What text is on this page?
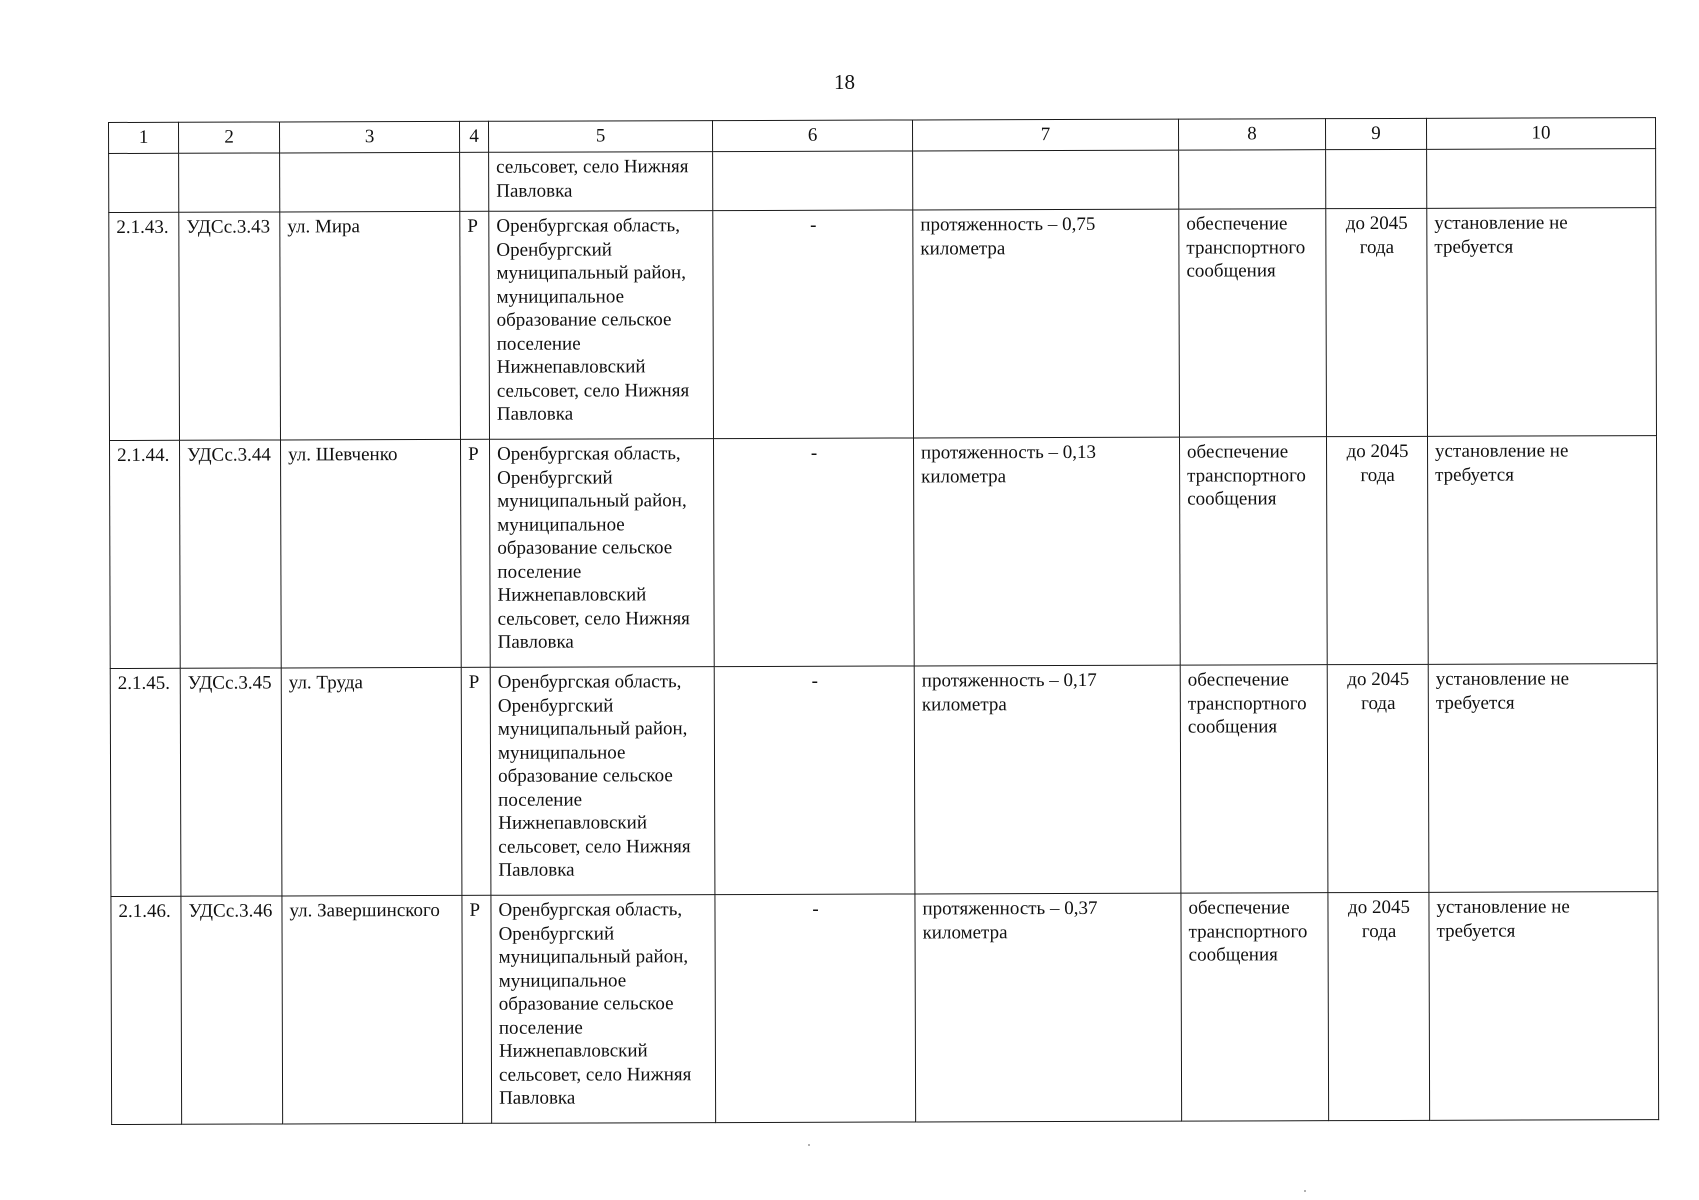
18
1	2	3	4	5	6	7	8	9	10
				сельсовет, село Нижняя Павловка					
2.1.43.	УДСс.3.43	ул. Мира	Р	Оренбургская область, Оренбургский муниципальный район, муниципальное образование сельское поселение Нижнепавловский сельсовет, село Нижняя Павловка	-	протяженность – 0,75 километра	обеспечение транспортного сообщения	до 2045 года	установление не требуется
2.1.44.	УДСс.3.44	ул. Шевченко	Р	Оренбургская область, Оренбургский муниципальный район, муниципальное образование сельское поселение Нижнепавловский сельсовет, село Нижняя Павловка	-	протяженность – 0,13 километра	обеспечение транспортного сообщения	до 2045 года	установление не требуется
2.1.45.	УДСс.3.45	ул. Труда	Р	Оренбургская область, Оренбургский муниципальный район, муниципальное образование сельское поселение Нижнепавловский сельсовет, село Нижняя Павловка	-	протяженность – 0,17 километра	обеспечение транспортного сообщения	до 2045 года	установление не требуется
2.1.46.	УДСс.3.46	ул. Завершинского	Р	Оренбургская область, Оренбургский муниципальный район, муниципальное образование сельское поселение Нижнепавловский сельсовет, село Нижняя Павловка	-	протяженность – 0,37 километра	обеспечение транспортного сообщения	до 2045 года	установление не требуется
